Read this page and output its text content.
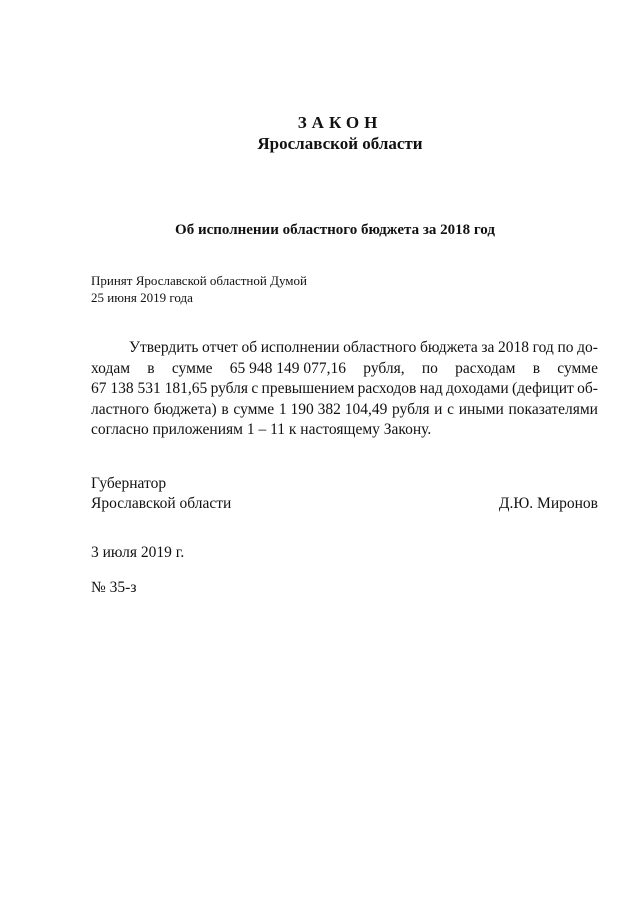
ЗАКОН
Ярославской области
Об исполнении областного бюджета за 2018 год
Принят Ярославской областной Думой
25 июня 2019 года
Утвердить отчет об исполнении областного бюджета за 2018 год по до-
ходам в сумме 65 948 149 077,16 рубля, по расходам в сумме
67 138 531 181,65 рубля с превышением расходов над доходами (дефицит об-
ластного бюджета) в сумме 1 190 382 104,49 рубля и с иными показателями
согласно приложениям 1 – 11 к настоящему Закону.
Губернатор
Ярославской области	Д.Ю. Миронов
3 июля 2019 г.
№ 35-з
